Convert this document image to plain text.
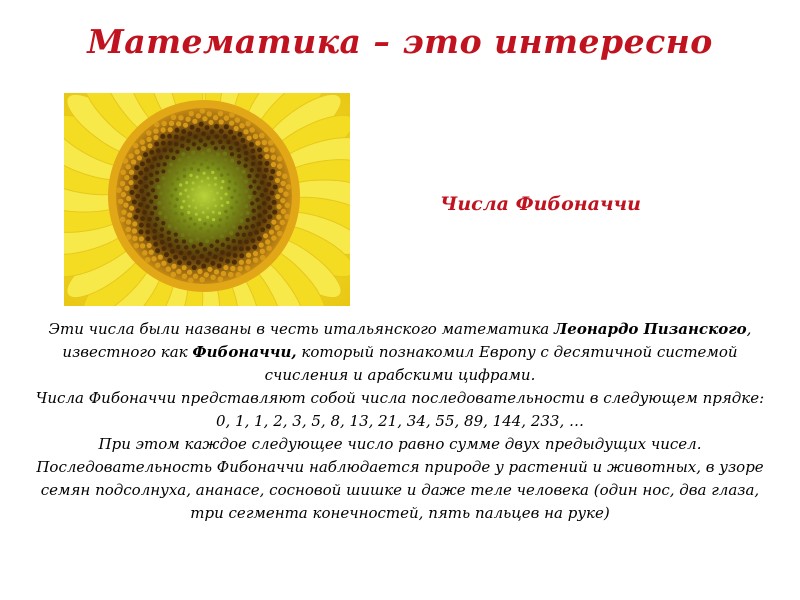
Математика – это интересно
Числа Фибоначчи

Эти числа были названы в честь итальянского математика Леонардо Пизанского, известного как Фибоначчи, который познакомил Европу с десятичной системой счисления и арабскими цифрами.

Числа Фибоначчи представляют собой числа последовательности в следующем прядке:

0, 1, 1, 2, 3, 5, 8, 13, 21, 34, 55, 89, 144, 233, …

При этом каждое следующее число равно сумме двух предыдущих чисел.

Последовательность Фибоначчи наблюдается природе у растений и животных, в узоре семян подсолнуха, ананасе, сосновой шишке и даже теле человека (один нос, два глаза, три сегмента конечностей, пять пальцев на руке)
